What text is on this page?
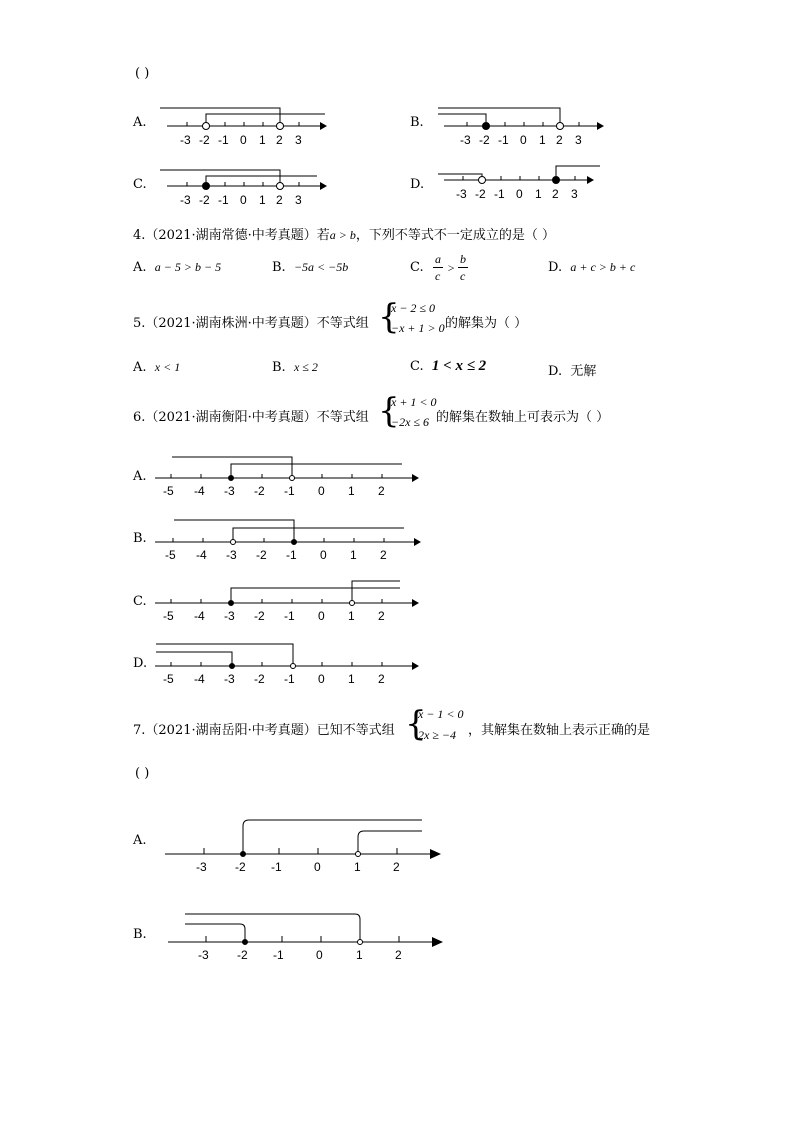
( )
A.
-3 -2 -1 0 1 2 3
B.
-3 -2 -1 0 1 2 3
C.
-3 -2 -1 0 1 2 3
D.
-3 -2 -1 0 1 2 3
4.（2021·湖南常德·中考真题）若a > b，下列不等式不一定成立的是（ ）
A. a − 5 > b − 5	B. −5a < −5b	C.
a
c
>
b
c
D. a + c > b + c
5.（2021·湖南株洲·中考真题）不等式组 {
x − 2 ≤ 0
−x + 1 > 0 的解集为（ ）
A. x < 1	B. x ≤ 2	C. 1 < x ≤ 2	D. 无解
6.（2021·湖南衡阳·中考真题）不等式组 {
x + 1 < 0
−2x ≤ 6 的解集在数轴上可表示为（ ）
A.
-5 -4 -3 -2 -1 0 1 2
B.
-5 -4 -3 -2 -1 0 1 2
C.
-5 -4 -3 -2 -1 0 1 2
D.
-5 -4 -3 -2 -1 0 1 2
7.（2021·湖南岳阳·中考真题）已知不等式组 {
x − 1 < 0
2x ≥ −4 ，其解集在数轴上表示正确的是
( )
A.
-3 -2 -1	0	1	2
B.
-3 -2 -1	0	1	2
